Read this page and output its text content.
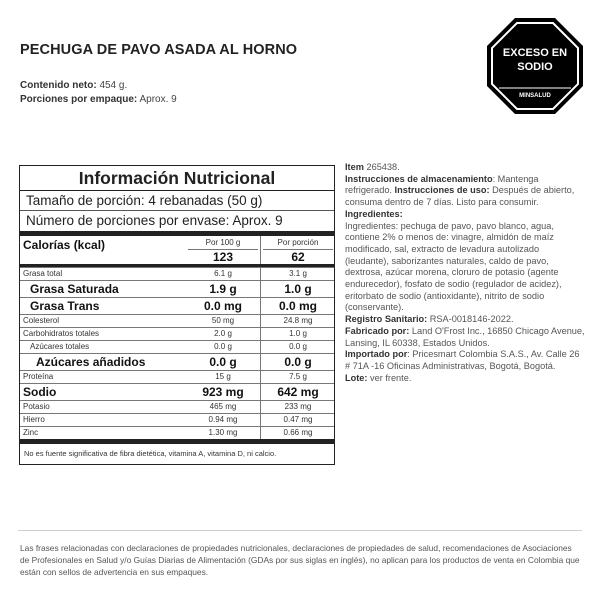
PECHUGA DE PAVO ASADA AL HORNO
Contenido neto: 454 g.
Porciones por empaque: Aprox. 9
EXCESO EN
SODIO
MINSALUD
Información Nutricional
Tamaño de porción: 4 rebanadas (50 g)
Número de porciones por envase: Aprox. 9
Calorías (kcal)	Por 100 g	Por porción
123	62
Grasa total	6.1 g	3.1 g
Grasa Saturada	1.9 g	1.0 g
Grasa Trans	0.0 mg	0.0 mg
Colesterol	50 mg	24.8 mg
Carbohidratos totales	2.0 g	1.0 g
Azúcares totales	0.0 g	0.0 g
Azúcares añadidos	0.0 g	0.0 g
Proteína	15 g	7.5 g
Sodio	923 mg	642 mg
Potasio	465 mg	233 mg
Hierro	0.94 mg	0.47 mg
Zinc	1.30 mg	0.66 mg
No es fuente significativa de fibra dietética, vitamina A, vitamina D, ni calcio.

Item 265438.

Instrucciones de almacenamiento: Mantenga refrigerado. Instrucciones de uso: Después de abierto, consuma dentro de 7 días. Listo para consumir. Ingredientes:

Ingredientes: pechuga de pavo, pavo blanco, agua, contiene 2% o menos de: vinagre, almidón de maíz modificado, sal, extracto de levadura autolizado (leudante), saborizantes naturales, caldo de pavo, dextrosa, azúcar morena, cloruro de potasio (agente endurecedor), fosfato de sodio (regulador de acidez), eritorbato de sodio (antioxidante), nitrito de sodio (conservante).

Registro Sanitario: RSA-0018146-2022.

Fabricado por: Land O'Frost Inc., 16850 Chicago Avenue, Lansing, IL 60338, Estados Unidos.

Importado por: Pricesmart Colombia S.A.S., Av. Calle 26 # 71A -16 Oficinas Administrativas, Bogotá, Bogotá.

Lote: ver frente.

Las frases relacionadas con declaraciones de propiedades nutricionales, declaraciones de propiedades de salud, recomendaciones de Asociaciones de Profesionales en Salud y/o Guías Diarias de Alimentación (GDAs por sus siglas en inglés), no aplican para los productos de venta en Colombia que están con sellos de advertencia en sus empaques.
